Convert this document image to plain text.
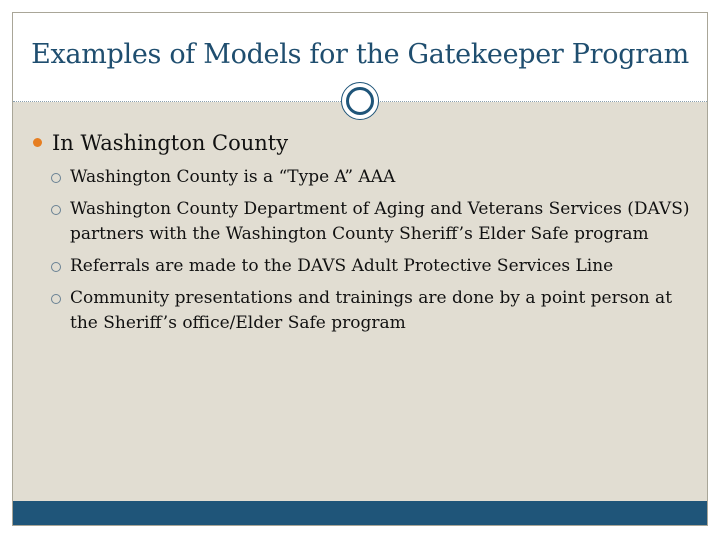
Examples of Models for the Gatekeeper Program
In Washington County
Washington County is a “Type A” AAA
Washington County Department of Aging and Veterans Services (DAVS) partners with the Washington County Sheriff’s Elder Safe program
Referrals are made to the DAVS Adult Protective Services Line
Community presentations and trainings are done by a point person at the Sheriff’s office/Elder Safe program
